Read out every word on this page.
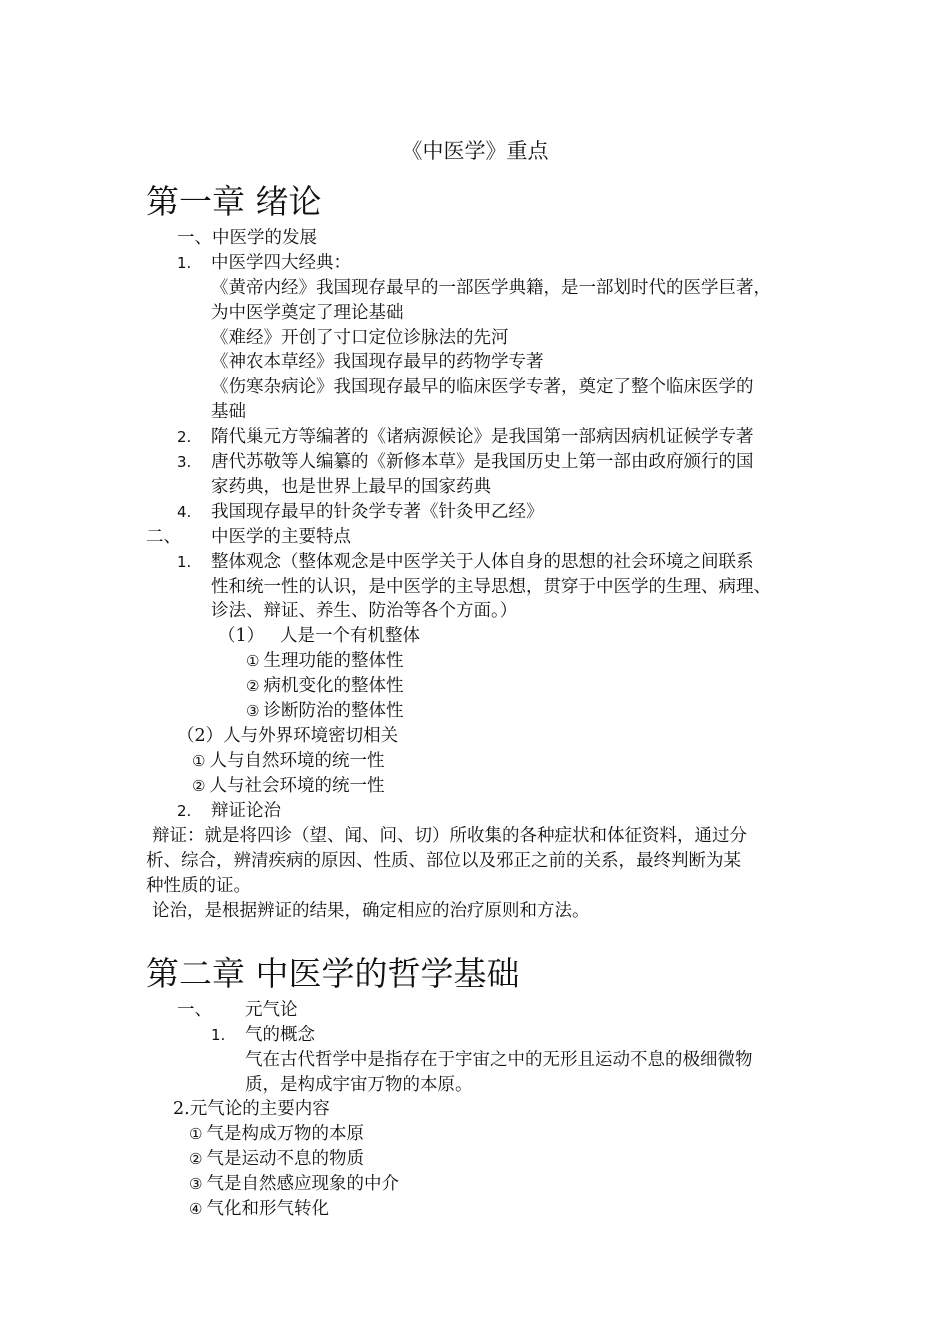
《中医学》重点
第一章 绪论
一、中医学的发展
1. 中医学四大经典：
《黄帝内经》我国现存最早的一部医学典籍，是一部划时代的医学巨著，
为中医学奠定了理论基础
《难经》开创了寸口定位诊脉法的先河
《神农本草经》我国现存最早的药物学专著
《伤寒杂病论》我国现存最早的临床医学专著，奠定了整个临床医学的
基础
2. 隋代巢元方等编著的《诸病源候论》是我国第一部病因病机证候学专著
3. 唐代苏敬等人编纂的《新修本草》是我国历史上第一部由政府颁行的国
家药典，也是世界上最早的国家药典
4. 我国现存最早的针灸学专著《针灸甲乙经》
二、 中医学的主要特点
1. 整体观念（整体观念是中医学关于人体自身的思想的社会环境之间联系
性和统一性的认识，是中医学的主导思想，贯穿于中医学的生理、病理、
诊法、辩证、养生、防治等各个方面。）
（1） 人是一个有机整体
① 生理功能的整体性
② 病机变化的整体性
③ 诊断防治的整体性
（2）人与外界环境密切相关
① 人与自然环境的统一性
② 人与社会环境的统一性
2. 辩证论治
辩证：就是将四诊（望、闻、问、切）所收集的各种症状和体征资料，通过分
析、综合，辨清疾病的原因、性质、部位以及邪正之前的关系，最终判断为某
种性质的证。
论治，是根据辨证的结果，确定相应的治疗原则和方法。
第二章 中医学的哲学基础
一、 元气论
1. 气的概念
气在古代哲学中是指存在于宇宙之中的无形且运动不息的极细微物
质，是构成宇宙万物的本原。
2.元气论的主要内容
① 气是构成万物的本原
② 气是运动不息的物质
③ 气是自然感应现象的中介
④ 气化和形气转化
